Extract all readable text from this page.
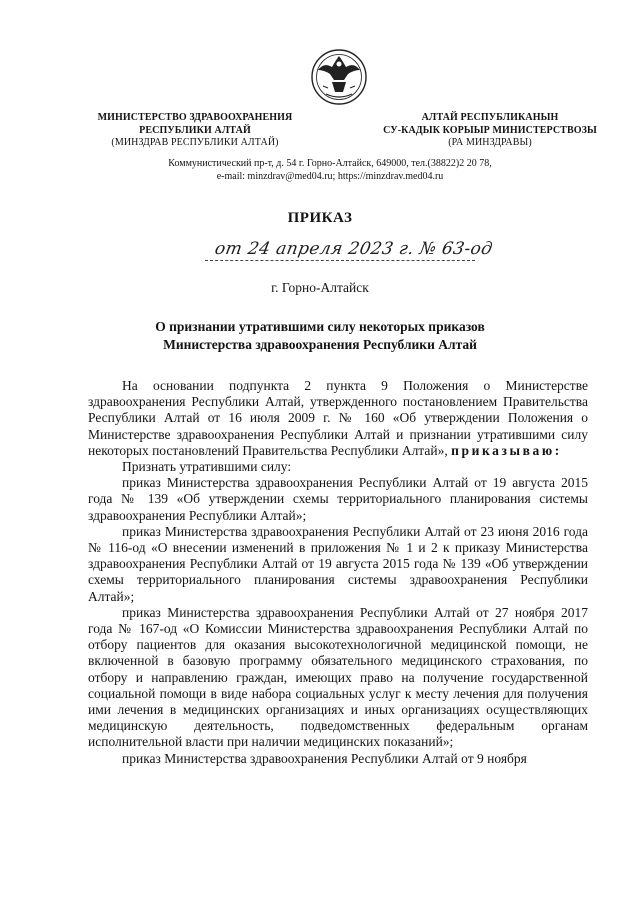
МИНИСТЕРСТВО ЗДРАВООХРАНЕНИЯ
РЕСПУБЛИКИ АЛТАЙ
(МИНЗДРАВ РЕСПУБЛИКИ АЛТАЙ)
АЛТАЙ РЕСПУБЛИКАНЫН
СУ-КАДЫК КОРЫЫР МИНИСТЕРСТВОЗЫ
(РА МИНЗДРАВЫ)
Коммунистический пр-т, д. 54 г. Горно-Алтайск, 649000, тел.(38822)2 20 78,
e-mail: minzdrav@med04.ru; https://minzdrav.med04.ru
ПРИКАЗ
от 24 апреля 2023 г. № 63-од
г. Горно-Алтайск
О признании утратившими силу некоторых приказов
Министерства здравоохранения Республики Алтай

На основании подпункта 2 пункта 9 Положения о Министерстве здравоохранения Республики Алтай, утвержденного постановлением Правительства Республики Алтай от 16 июля 2009 г. № 160 «Об утверждении Положения о Министерстве здравоохранения Республики Алтай и признании утратившими силу некоторых постановлений Правительства Республики Алтай», приказываю:

Признать утратившими силу:

приказ Министерства здравоохранения Республики Алтай от 19 августа 2015 года № 139 «Об утверждении схемы территориального планирования системы здравоохранения Республики Алтай»;

приказ Министерства здравоохранения Республики Алтай от 23 июня 2016 года № 116-од «О внесении изменений в приложения № 1 и 2 к приказу Министерства здравоохранения Республики Алтай от 19 августа 2015 года № 139 «Об утверждении схемы территориального планирования системы здравоохранения Республики Алтай»;

приказ Министерства здравоохранения Республики Алтай от 27 ноября 2017 года № 167-од «О Комиссии Министерства здравоохранения Республики Алтай по отбору пациентов для оказания высокотехнологичной медицинской помощи, не включенной в базовую программу обязательного медицинского страхования, по отбору и направлению граждан, имеющих право на получение государственной социальной помощи в виде набора социальных услуг к месту лечения для получения ими лечения в медицинских организациях и иных организациях осуществляющих медицинскую деятельность, подведомственных федеральным органам исполнительной власти при наличии медицинских показаний»;

приказ Министерства здравоохранения Республики Алтай от 9 ноября
